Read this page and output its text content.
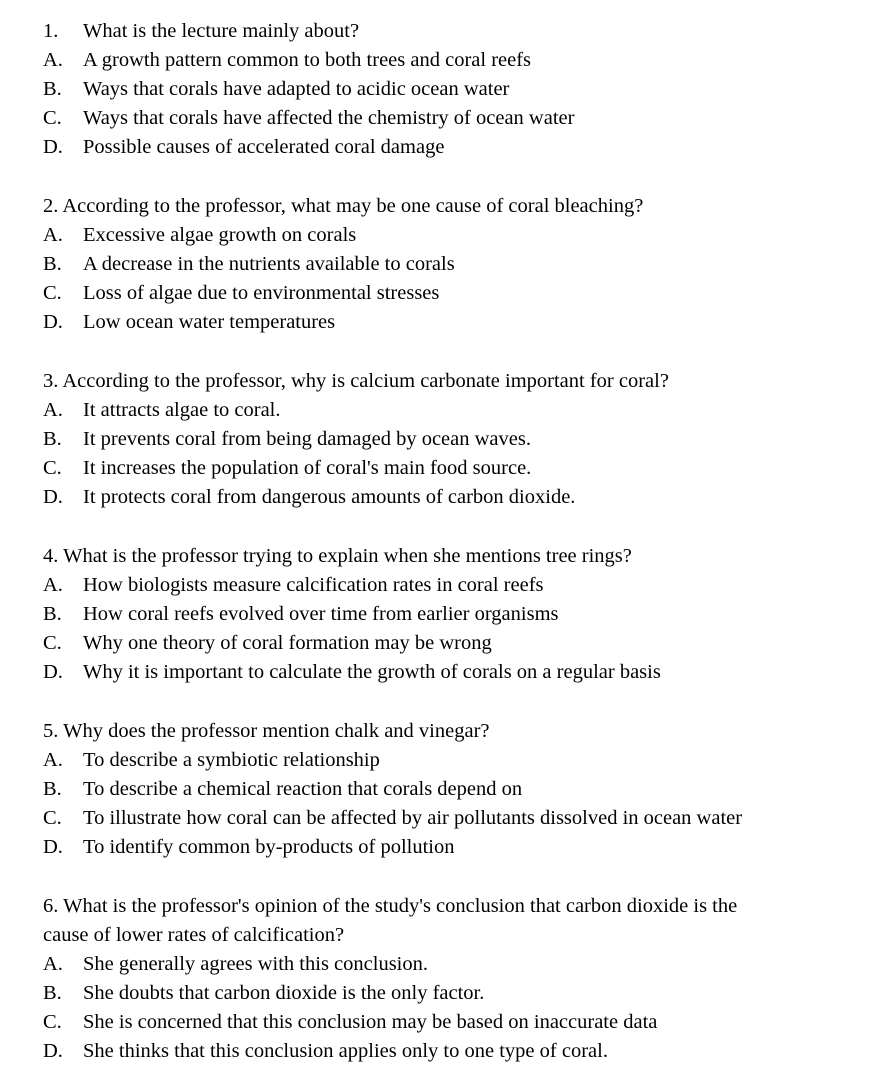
1. What is the lecture mainly about?
A. A growth pattern common to both trees and coral reefs
B. Ways that corals have adapted to acidic ocean water
C. Ways that corals have affected the chemistry of ocean water
D. Possible causes of accelerated coral damage
2. According to the professor, what may be one cause of coral bleaching?
A. Excessive algae growth on corals
B. A decrease in the nutrients available to corals
C. Loss of algae due to environmental stresses
D. Low ocean water temperatures
3. According to the professor, why is calcium carbonate important for coral?
A. It attracts algae to coral.
B. It prevents coral from being damaged by ocean waves.
C. It increases the population of coral's main food source.
D. It protects coral from dangerous amounts of carbon dioxide.
4. What is the professor trying to explain when she mentions tree rings?
A. How biologists measure calcification rates in coral reefs
B. How coral reefs evolved over time from earlier organisms
C. Why one theory of coral formation may be wrong
D. Why it is important to calculate the growth of corals on a regular basis
5. Why does the professor mention chalk and vinegar?
A. To describe a symbiotic relationship
B. To describe a chemical reaction that corals depend on
C. To illustrate how coral can be affected by air pollutants dissolved in ocean water
D. To identify common by-products of pollution
6. What is the professor's opinion of the study's conclusion that carbon dioxide is the
cause of lower rates of calcification?
A. She generally agrees with this conclusion.
B. She doubts that carbon dioxide is the only factor.
C. She is concerned that this conclusion may be based on inaccurate data
D. She thinks that this conclusion applies only to one type of coral.
